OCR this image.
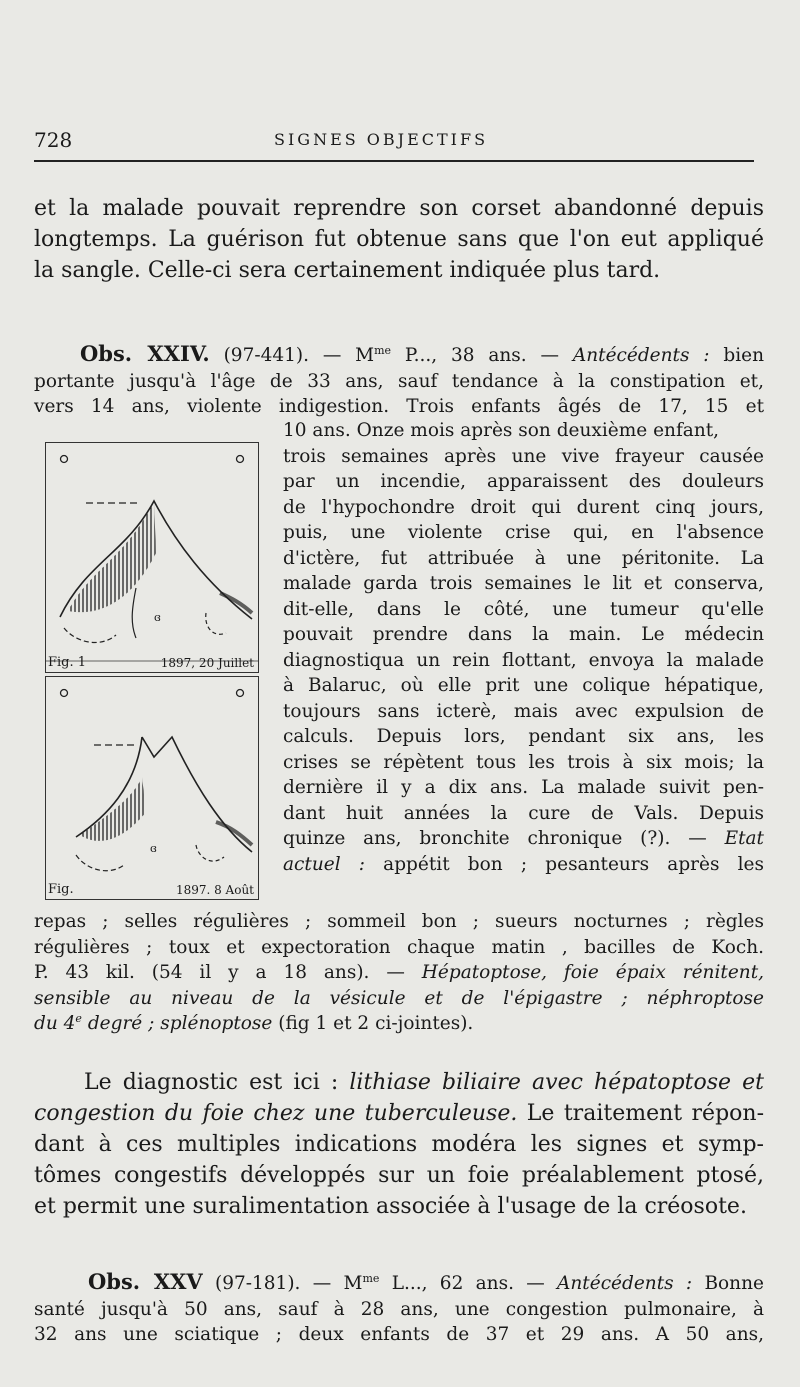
728	SIGNES OBJECTIFS
et la malade pouvait reprendre son corset abandonné depuis
longtemps. La guérison fut obtenue sans que l'on eut appliqué
la sangle. Celle-ci sera certainement indiquée plus tard.
Obs. XXIV. (97-441). — $M^{me}$ P..., 38 ans. — Antécédents : bien
portante jusqu'à l'âge de 33 ans, sauf tendance à la constipation et,
vers 14 ans, violente indigestion. Trois enfants âgés de 17, 15 et
ɞ
Fig. 1	1897, 20 Juillet
ɞ
Fig.	1897. 8 Août
10 ans. Onze mois après son deuxième enfant,
trois semaines après une vive frayeur causée
par un incendie, apparaissent des douleurs
de l'hypochondre droit qui durent cinq jours,
puis, une violente crise qui, en l'absence
d'ictère, fut attribuée à une péritonite. La
malade garda trois semaines le lit et conserva,
dit-elle, dans le côté, une tumeur qu'elle
pouvait prendre dans la main. Le médecin
diagnostiqua un rein flottant, envoya la malade
à Balaruc, où elle prit une colique hépatique,
toujours sans icterè, mais avec expulsion de
calculs. Depuis lors, pendant six ans, les
crises se répètent tous les trois à six mois; la
dernière il y a dix ans. La malade suivit pen-
dant huit années la cure de Vals. Depuis
quinze ans, bronchite chronique (?). — Etat
actuel : appétit bon ; pesanteurs après les
repas ; selles régulières ; sommeil bon ; sueurs nocturnes ; règles
régulières ; toux et expectoration chaque matin , bacilles de Koch.
P. 43 kil. (54 il y a 18 ans). — Hépatoptose, foie épaix rénitent,
sensible au niveau de la vésicule et de l'épigastre ; néphroptose
du 4e degré ; splénoptose (fig 1 et 2 ci-jointes).
Le diagnostic est ici : lithiase biliaire avec hépatoptose et
congestion du foie chez une tuberculeuse. Le traitement répon-
dant à ces multiples indications modéra les signes et symp-
tômes congestifs développés sur un foie préalablement ptosé,
et permit une suralimentation associée à l'usage de la créosote.
Obs. XXV (97-181). — $M^{me}$ L..., 62 ans. — Antécédents : Bonne
santé jusqu'à 50 ans, sauf à 28 ans, une congestion pulmonaire, à
32 ans une sciatique ; deux enfants de 37 et 29 ans. A 50 ans,
